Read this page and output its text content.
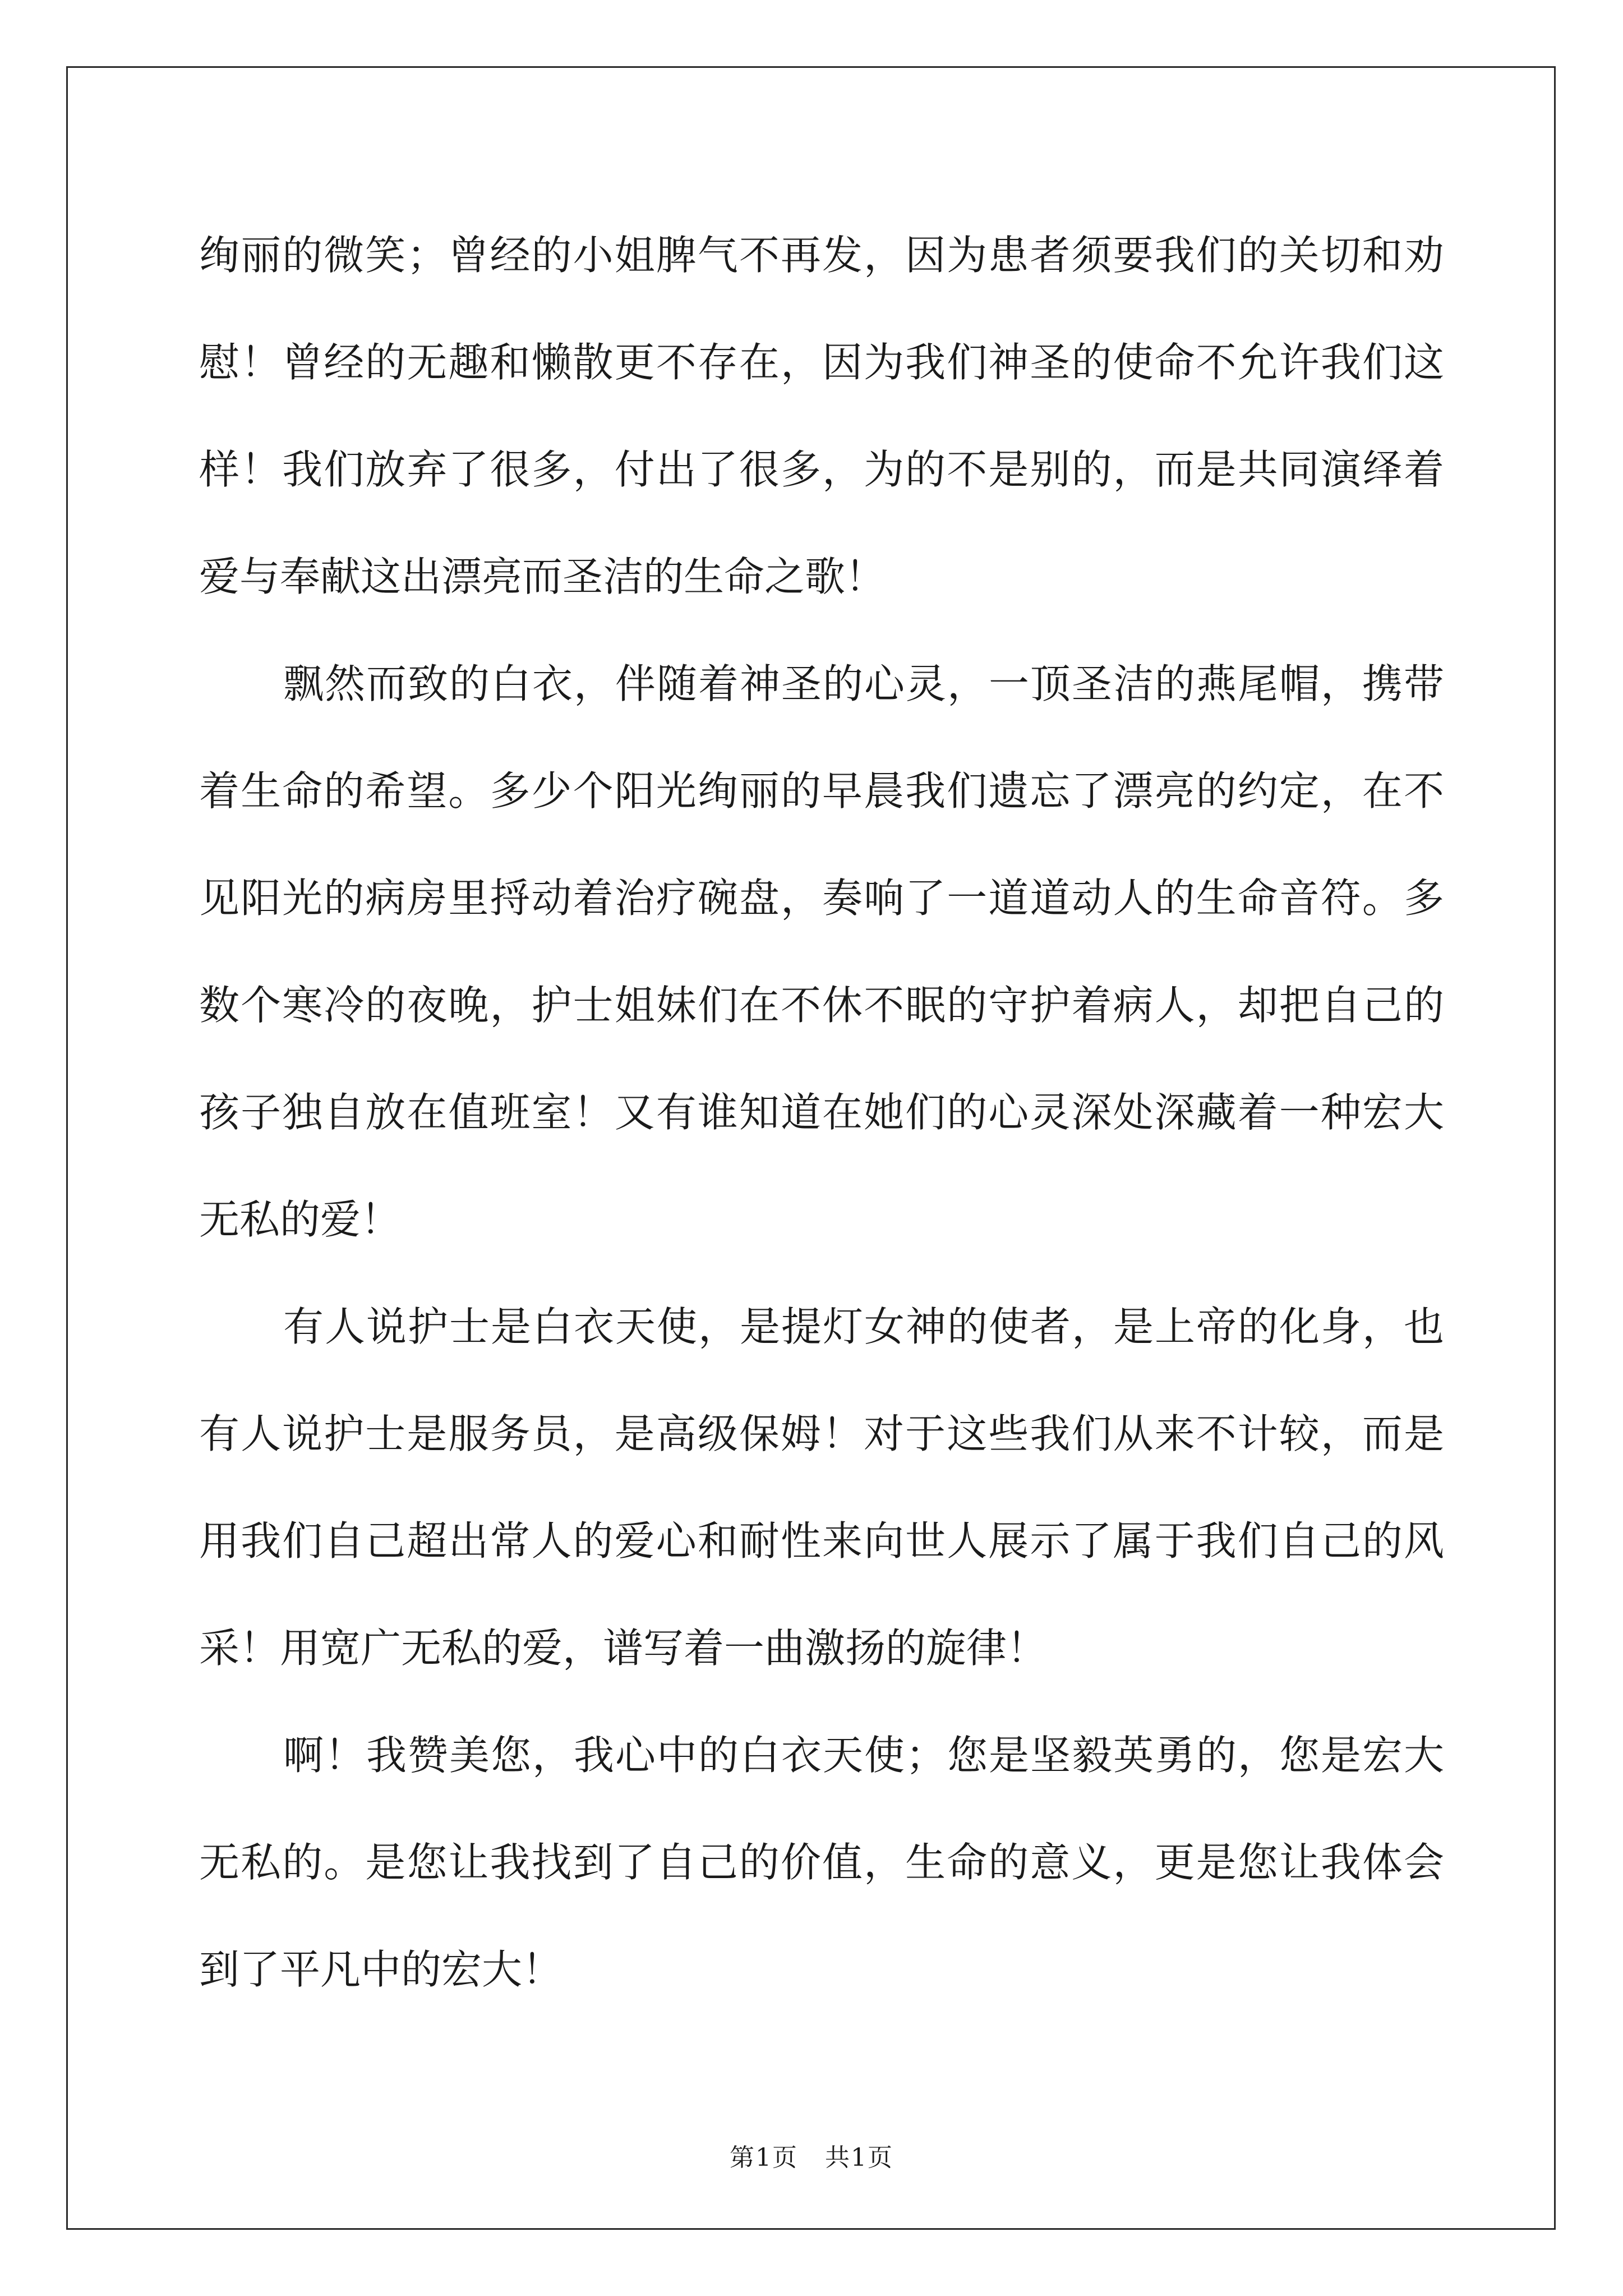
绚丽的微笑；曾经的小姐脾气不再发，因为患者须要我们的关切和劝
慰！曾经的无趣和懒散更不存在，因为我们神圣的使命不允许我们这
样！我们放弃了很多，付出了很多，为的不是别的，而是共同演绎着
爱与奉献这出漂亮而圣洁的生命之歌！
飘然而致的白衣，伴随着神圣的心灵，一顶圣洁的燕尾帽，携带
着生命的希望。多少个阳光绚丽的早晨我们遗忘了漂亮的约定，在不
见阳光的病房里捋动着治疗碗盘，奏响了一道道动人的生命音符。多
数个寒冷的夜晚，护士姐妹们在不休不眠的守护着病人，却把自己的
孩子独自放在值班室！又有谁知道在她们的心灵深处深藏着一种宏大
无私的爱！
有人说护士是白衣天使，是提灯女神的使者，是上帝的化身，也
有人说护士是服务员，是高级保姆！对于这些我们从来不计较，而是
用我们自己超出常人的爱心和耐性来向世人展示了属于我们自己的风
采！用宽广无私的爱，谱写着一曲激扬的旋律！
啊！我赞美您，我心中的白衣天使；您是坚毅英勇的，您是宏大
无私的。是您让我找到了自己的价值，生命的意义，更是您让我体会
到了平凡中的宏大！
第1页 共1页
